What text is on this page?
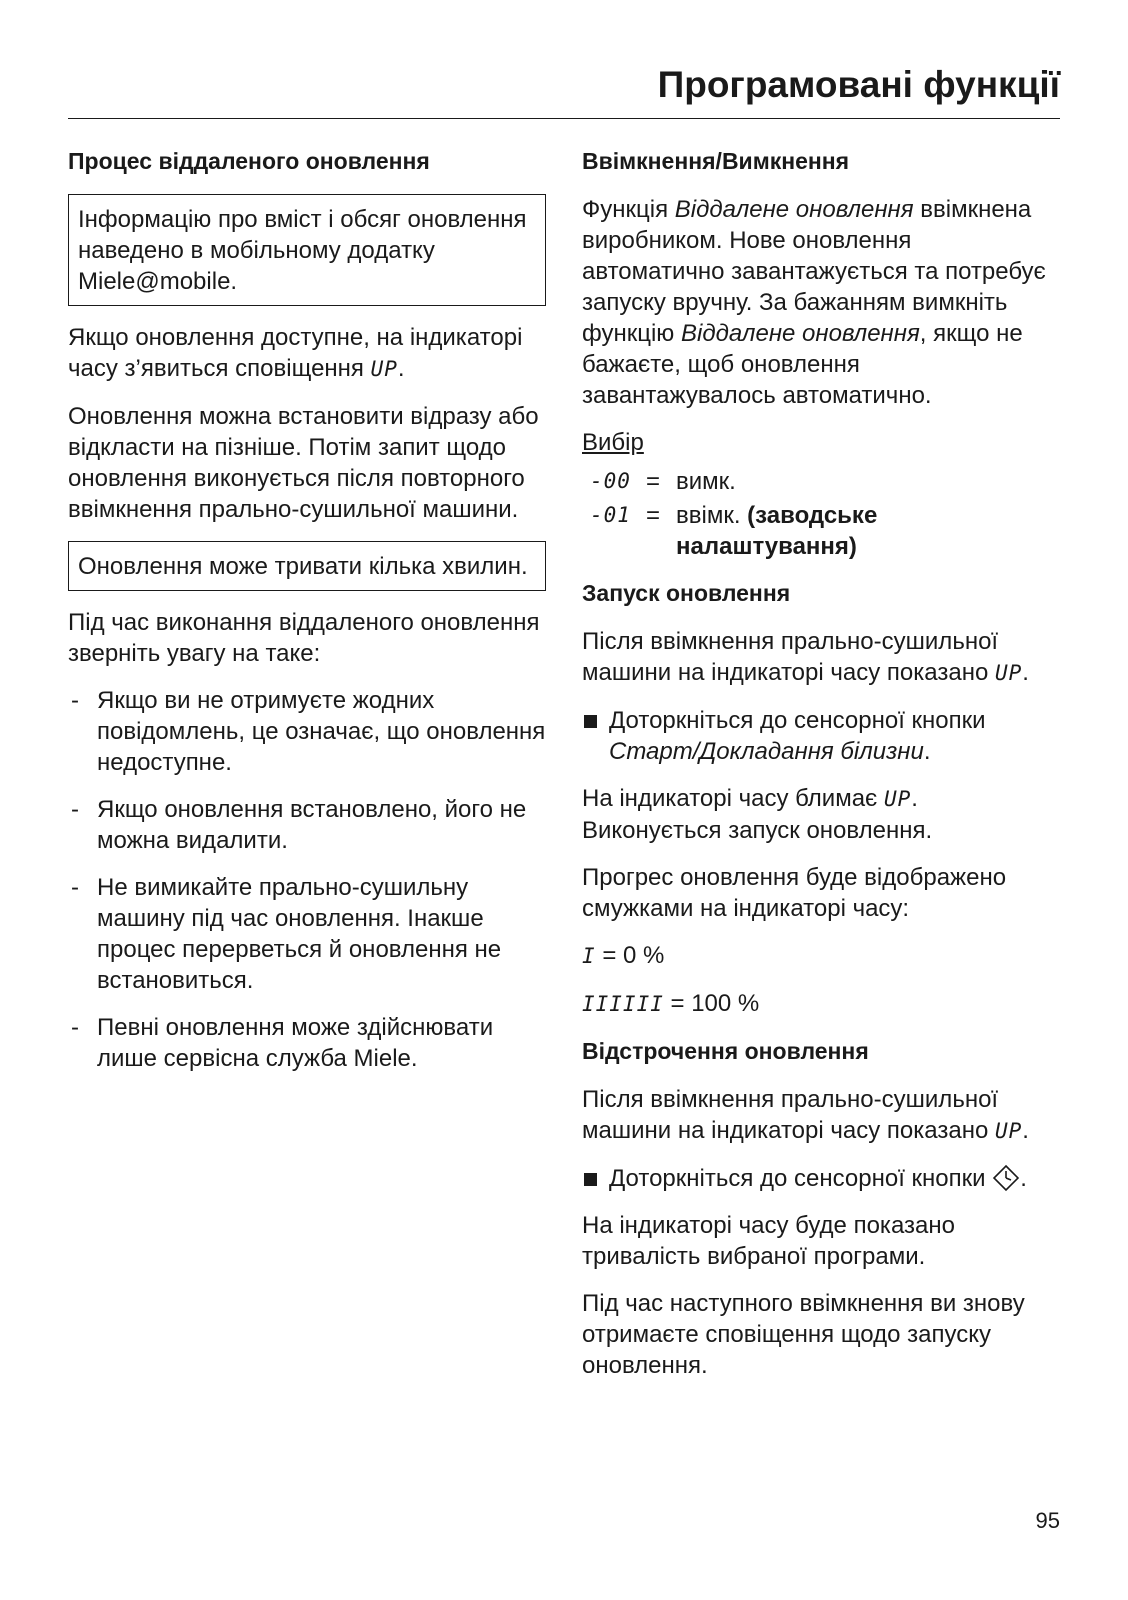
Програмовані функції
Процес віддаленого оновлення
Інформацію про вміст і обсяг оновлення наведено в мобільному додатку Miele@mobile.

Якщо оновлення доступне, на індикаторі часу з’явиться сповіщення UP.

Оновлення можна встановити відразу або відкласти на пізніше. Потім запит щодо оновлення виконується після повторного ввімкнення прально-сушильної машини.

Оновлення може тривати кілька хвилин.

Під час виконання віддаленого оновлення зверніть увагу на таке:

- Якщо ви не отримуєте жодних повідомлень, це означає, що оновлення недоступне.
- Якщо оновлення встановлено, його не можна видалити.
- Не вимикайте прально-сушильну машину під час оновлення. Інакше процес перерветься й оновлення не встановиться.
- Певні оновлення може здійснювати лише сервісна служба Miele.
Ввімкнення/Вимкнення

Функція Віддалене оновлення ввімкнена виробником. Нове оновлення автоматично завантажується та потребує запуску вручну. За бажанням вимкніть функцію Віддалене оновлення, якщо не бажаєте, щоб оновлення завантажувалось автоматично.

Вибір
-00 = вимк.
-01 = ввімк. (заводське налаштування)
Запуск оновлення

Після ввімкнення прально-сушильної машини на індикаторі часу показано UP.

Доторкніться до сенсорної кнопки Старт/Докладання білизни.

На індикаторі часу блимає UP. Виконується запуск оновлення.

Прогрес оновлення буде відображено смужками на індикаторі часу:

I = 0 %

IIIIII = 100 %

Відстрочення оновлення

Після ввімкнення прально-сушильної машини на індикаторі часу показано UP.

Доторкніться до сенсорної кнопки .

На індикаторі часу буде показано тривалість вибраної програми.

Під час наступного ввімкнення ви знову отримаєте сповіщення щодо запуску оновлення.

95
